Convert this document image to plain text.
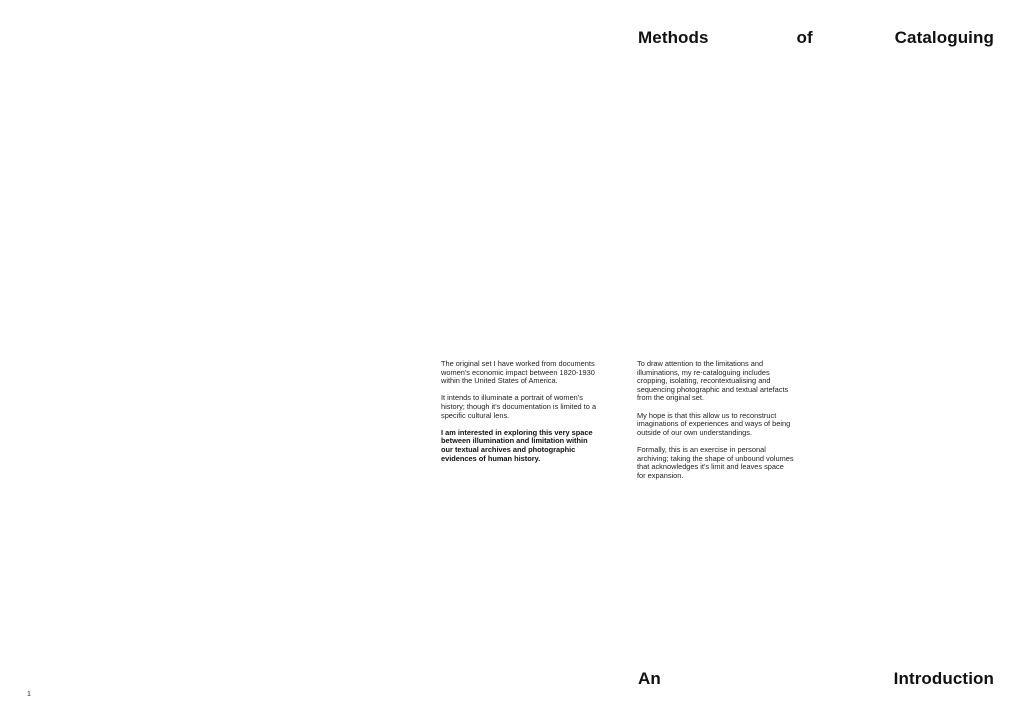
Methods	of	Cataloguing

The original set I have worked from documents
women's economic impact between 1820-1930
within the United States of America.

It intends to illuminate a portrait of women's
history; though it's documentation is limited to a
specific cultural lens.

I am interested in exploring this very space
between illumination and limitation within
our textual archives and photographic
evidences of human history.

To draw attention to the limitations and
illuminations, my re-cataloguing includes
cropping, isolating, recontextualising and
sequencing photographic and textual artefacts
from the original set.

My hope is that this allow us to reconstruct
imaginations of experiences and ways of being
outside of our own understandings.

Formally, this is an exercise in personal
archiving; taking the shape of unbound volumes
that acknowledges it's limit and leaves space
for expansion.

An	Introduction
1
